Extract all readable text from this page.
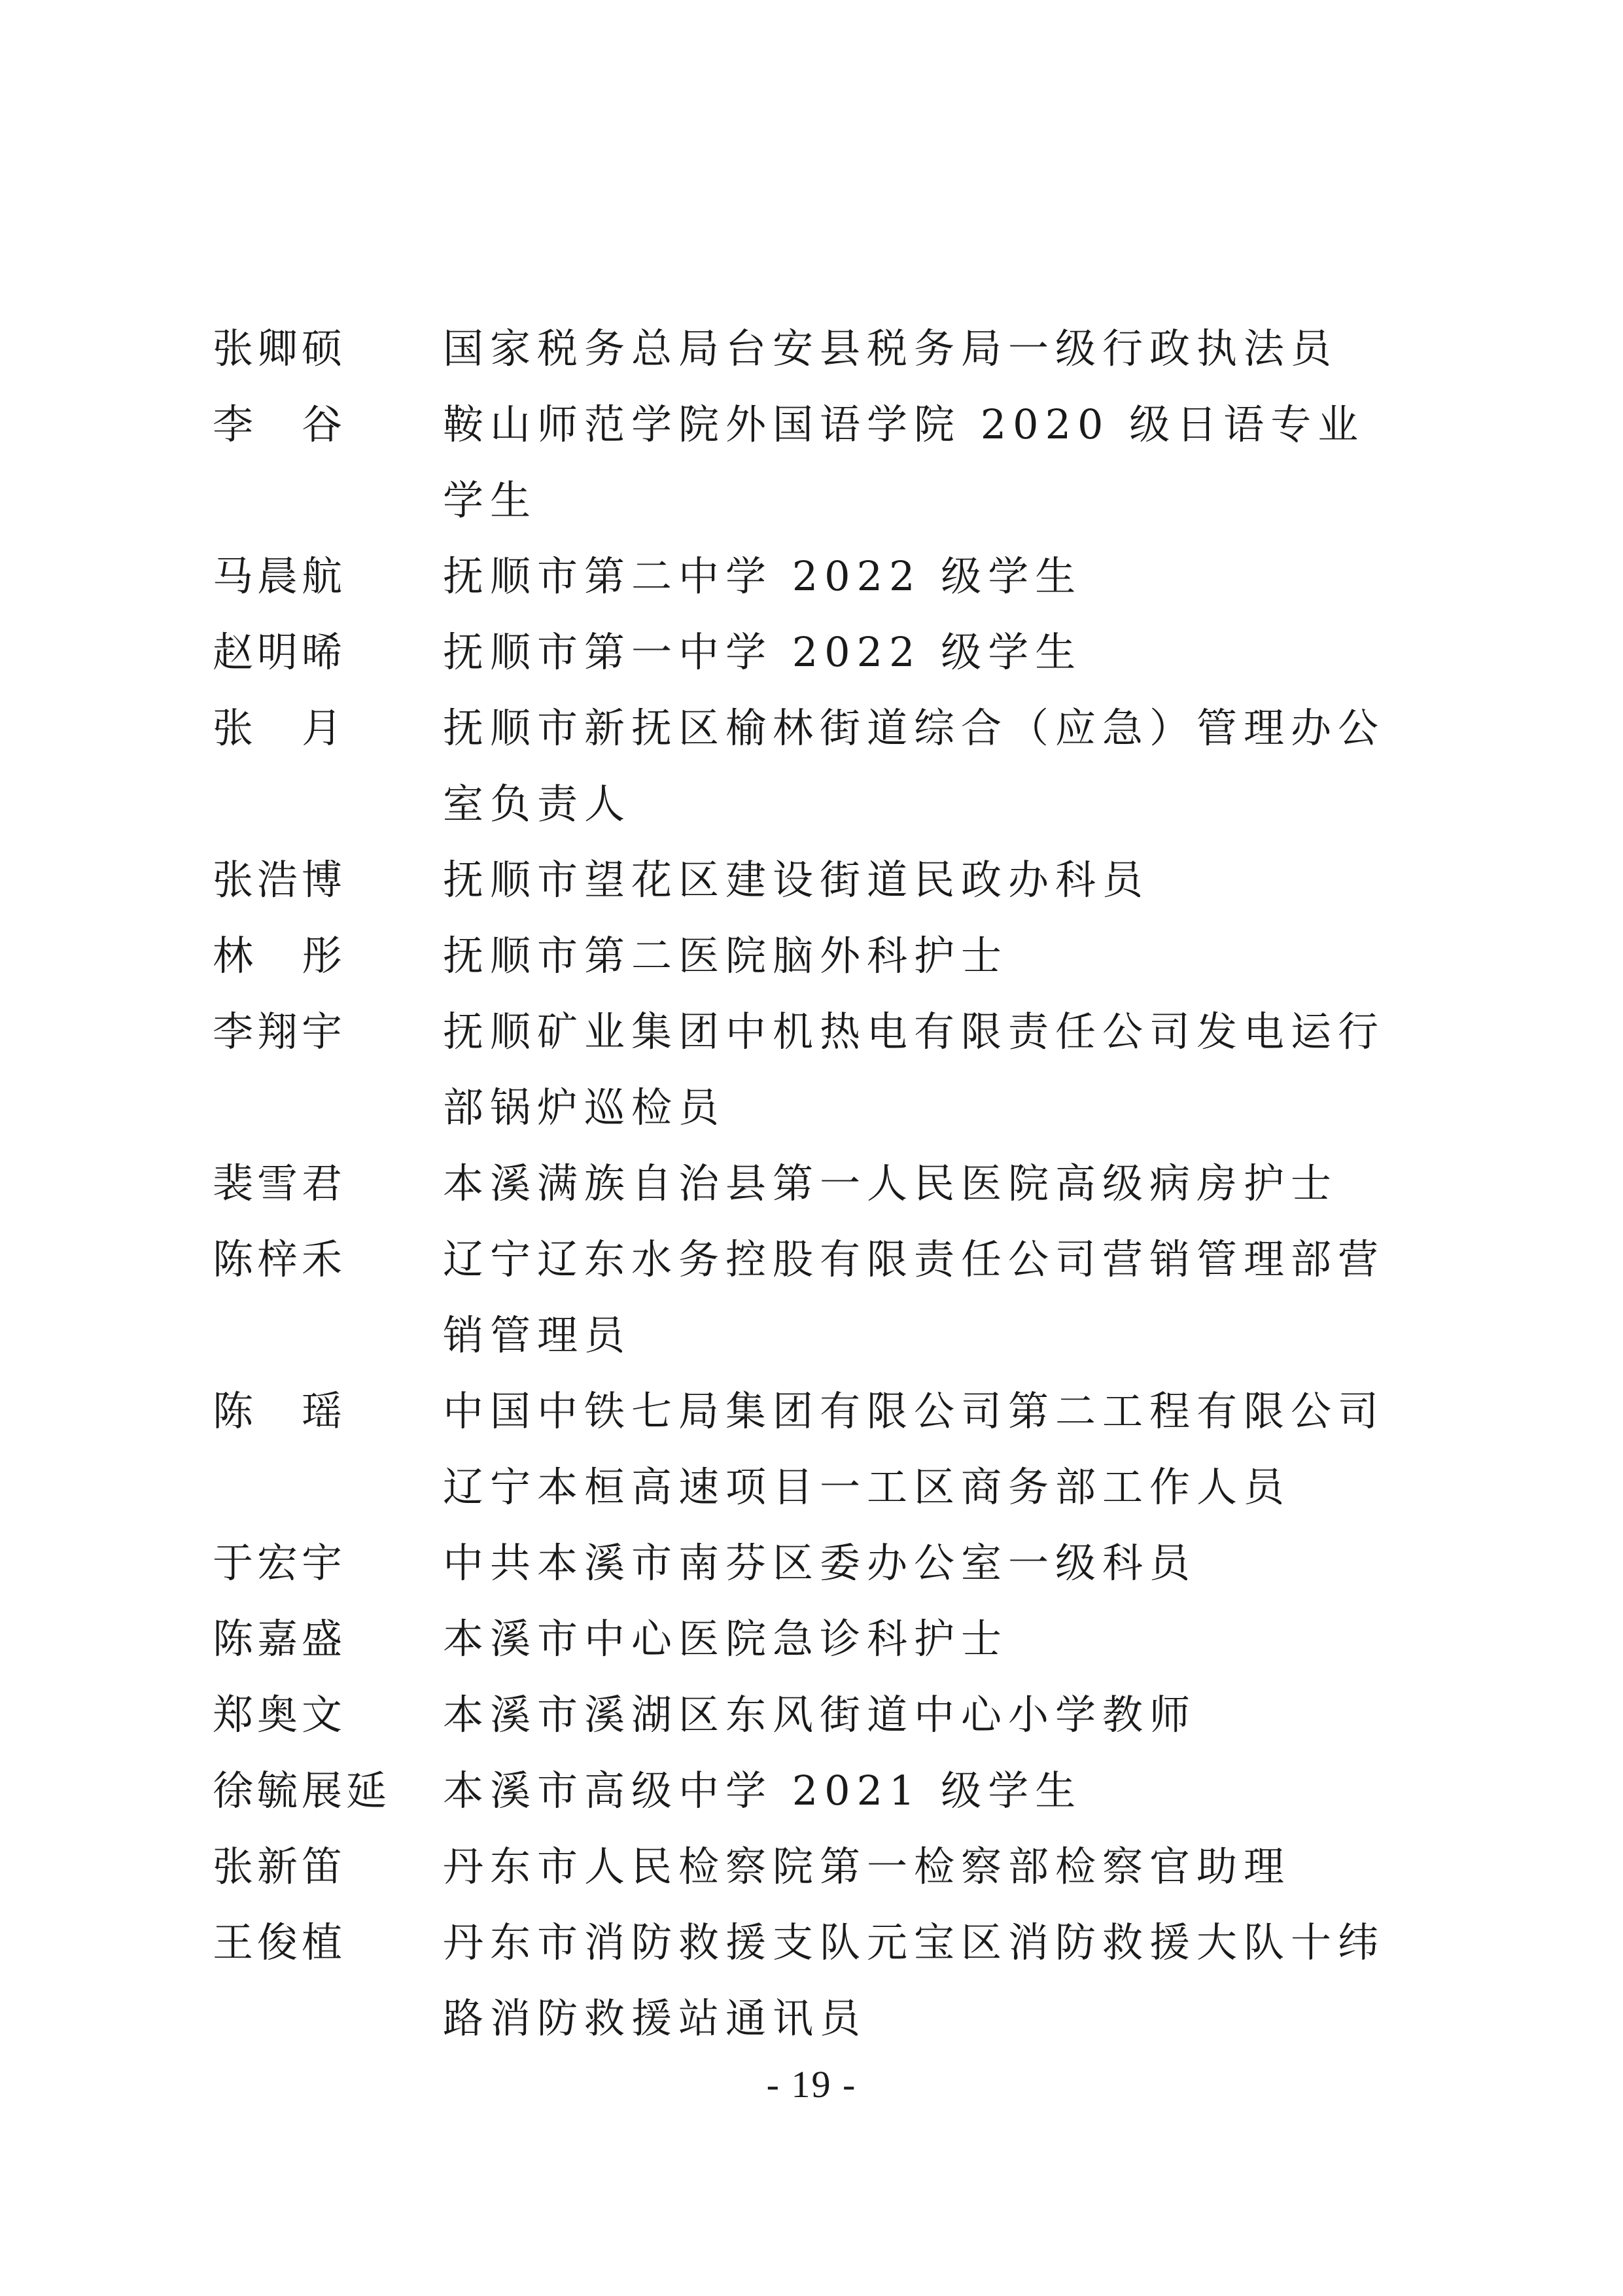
张卿硕	国家税务总局台安县税务局一级行政执法员
李　谷	鞍山师范学院外国语学院 2020 级日语专业学生
马晨航	抚顺市第二中学 2022 级学生
赵明晞	抚顺市第一中学 2022 级学生
张　月	抚顺市新抚区榆林街道综合（应急）管理办公室负责人
张浩博	抚顺市望花区建设街道民政办科员
林　彤	抚顺市第二医院脑外科护士
李翔宇	抚顺矿业集团中机热电有限责任公司发电运行部锅炉巡检员
裴雪君	本溪满族自治县第一人民医院高级病房护士
陈梓禾	辽宁辽东水务控股有限责任公司营销管理部营销管理员
陈　瑶	中国中铁七局集团有限公司第二工程有限公司辽宁本桓高速项目一工区商务部工作人员
于宏宇	中共本溪市南芬区委办公室一级科员
陈嘉盛	本溪市中心医院急诊科护士
郑奥文	本溪市溪湖区东风街道中心小学教师
徐毓展延	本溪市高级中学 2021 级学生
张新笛	丹东市人民检察院第一检察部检察官助理
王俊植	丹东市消防救援支队元宝区消防救援大队十纬路消防救援站通讯员
- 19 -
